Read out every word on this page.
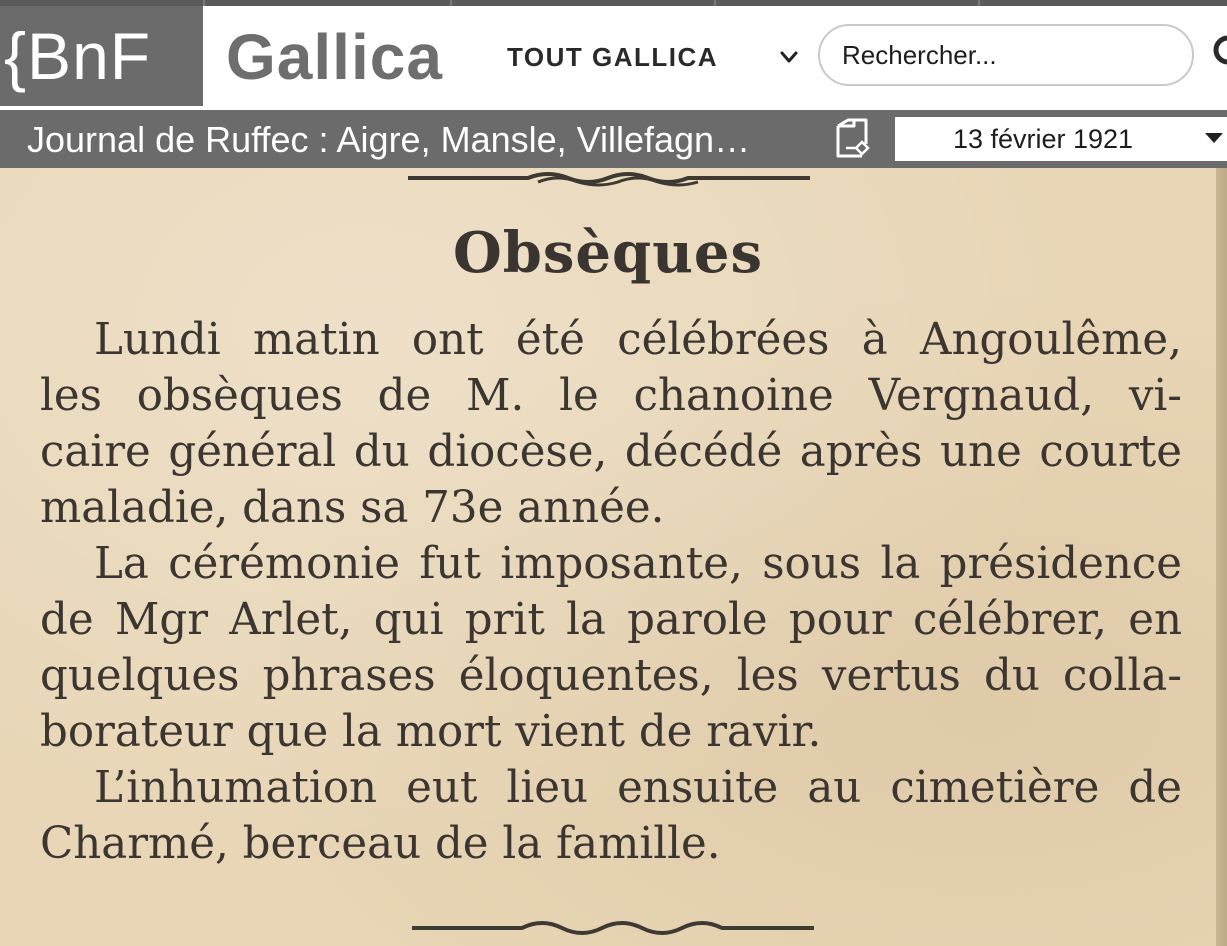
{BnF	Gallica TOUT GALLICA
Rechercher...
Journal de Ruffec : Aigre, Mansle, Villefagn…	13 février 1921
Obsèques
Lundi matin ont été célébrées à Angoulême,
les obsèques de M. le chanoine Vergnaud, vi-
caire général du diocèse, décédé après une courte
maladie, dans sa 73e année.
La cérémonie fut imposante, sous la présidence
de Mgr Arlet, qui prit la parole pour célébrer, en
quelques phrases éloquentes, les vertus du colla-
borateur que la mort vient de ravir.
L’inhumation eut lieu ensuite au cimetière de
Charmé, berceau de la famille.
